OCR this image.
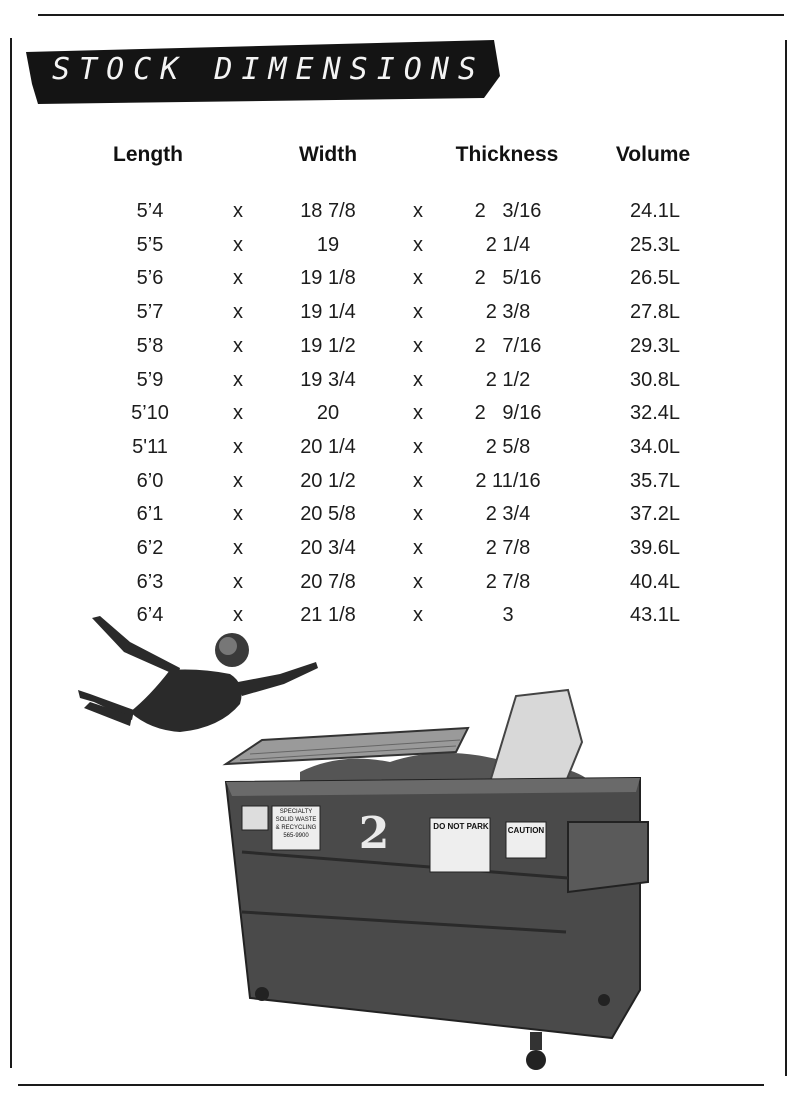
STOCK DIMENSIONS
Length	Width	Thickness	Volume
5’4	x	18 7/8	x	2   3/16	24.1L
5’5	x	19	x	2 1/4	25.3L
5’6	x	19 1/8	x	2   5/16	26.5L
5’7	x	19 1/4	x	2 3/8	27.8L
5’8	x	19 1/2	x	2   7/16	29.3L
5’9	x	19 3/4	x	2 1/2	30.8L
5’10	x	20	x	2   9/16	32.4L
5'11	x	20 1/4	x	2 5/8	34.0L
6’0	x	20 1/2	x	2 11/16	35.7L
6’1	x	20 5/8	x	2 3/4	37.2L
6’2	x	20 3/4	x	2 7/8	39.6L
6’3	x	20 7/8	x	2 7/8	40.4L
6’4	x	21 1/8	x	3	43.1L
2
SPECIALTY SOLID WASTE & RECYCLING 565-9900
DO NOT PARK CAUTION
